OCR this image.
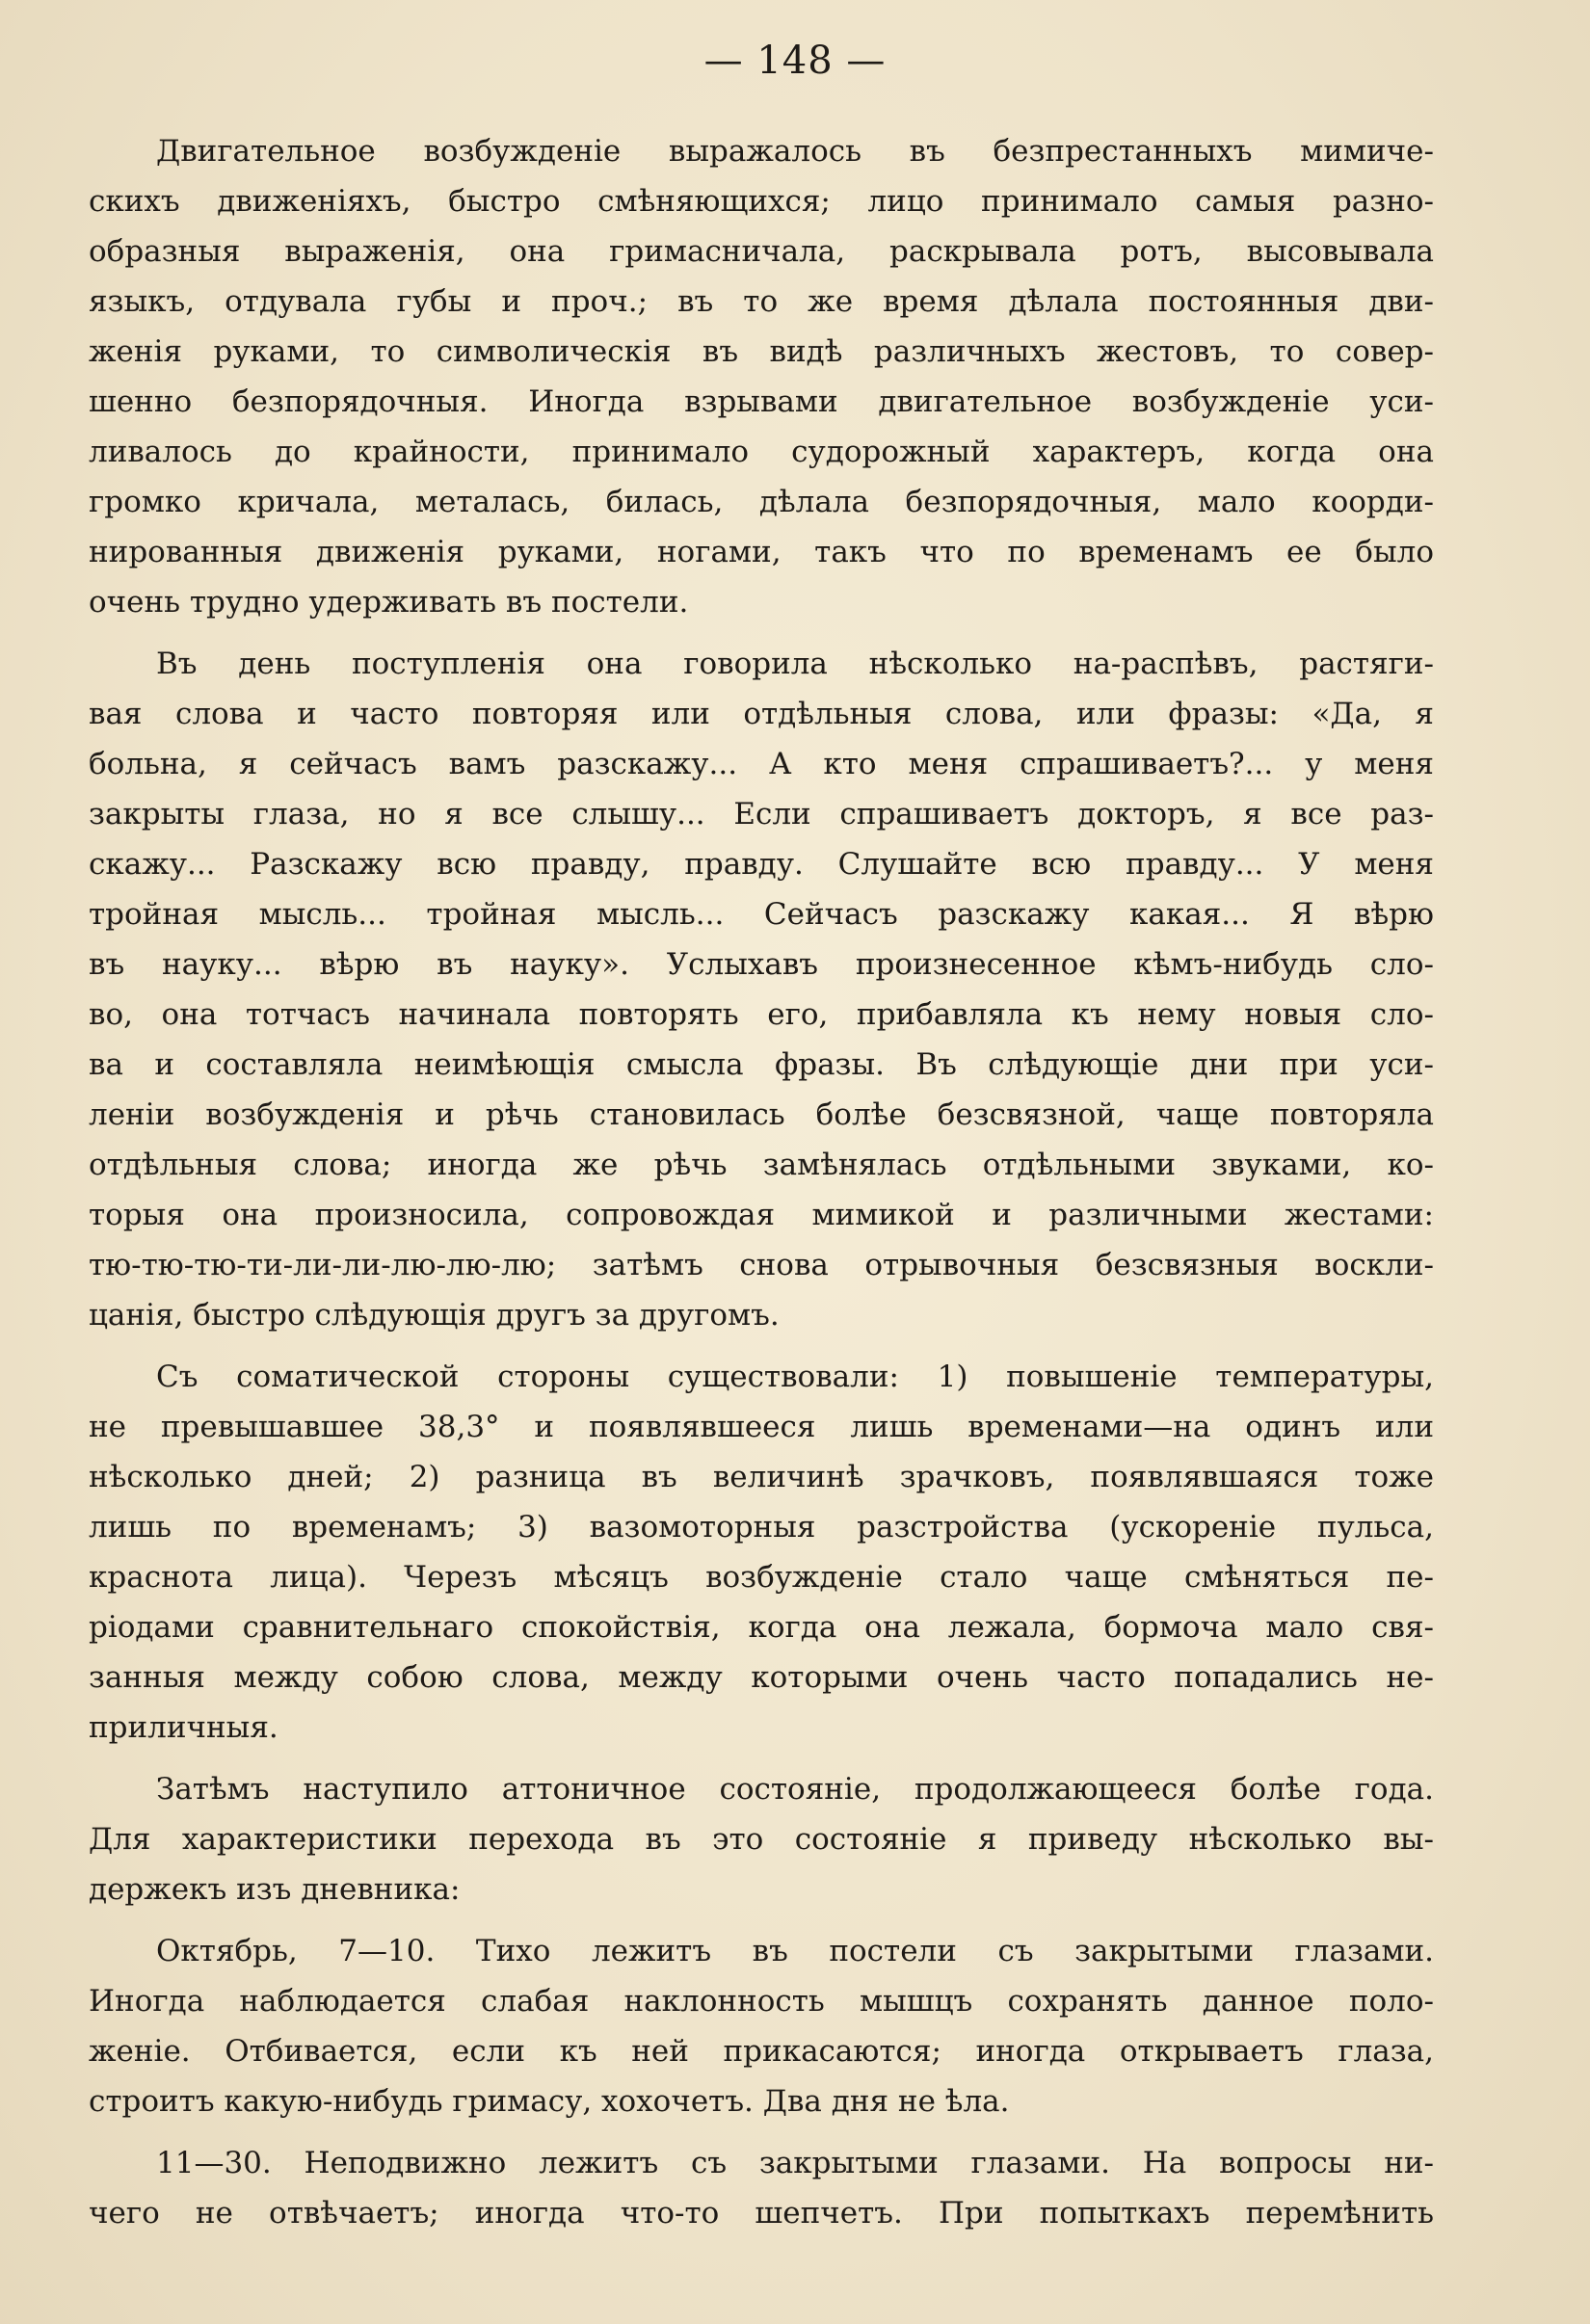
— 148 —
Двигательное возбужденіе выражалось въ безпрестанныхъ мимиче-
скихъ движеніяхъ, быстро смѣняющихся; лицо принимало самыя разно-
образныя выраженія, она гримасничала, раскрывала ротъ, высовывала
языкъ, отдувала губы и проч.; въ то же время дѣлала постоянныя дви-
женія руками, то символическія въ видѣ различныхъ жестовъ, то совер-
шенно безпорядочныя. Иногда взрывами двигательное возбужденіе уси-
ливалось до крайности, принимало судорожный характеръ, когда она
громко кричала, металась, билась, дѣлала безпорядочныя, мало коорди-
нированныя движенія руками, ногами, такъ что по временамъ ее было
очень трудно удерживать въ постели.
Въ день поступленія она говорила нѣсколько на-распѣвъ, растяги-
вая слова и часто повторяя или отдѣльныя слова, или фразы: «Да, я
больна, я сейчасъ вамъ разскажу... А кто меня спрашиваетъ?... у меня
закрыты глаза, но я все слышу... Если спрашиваетъ докторъ, я все раз-
скажу... Разскажу всю правду, правду. Слушайте всю правду... У меня
тройная мысль... тройная мысль... Сейчасъ разскажу какая... Я вѣрю
въ науку... вѣрю въ науку». Услыхавъ произнесенное кѣмъ-нибудь сло-
во, она тотчасъ начинала повторять его, прибавляла къ нему новыя сло-
ва и составляла неимѣющія смысла фразы. Въ слѣдующіе дни при уси-
леніи возбужденія и рѣчь становилась болѣе безсвязной, чаще повторяла
отдѣльныя слова; иногда же рѣчь замѣнялась отдѣльными звуками, ко-
торыя она произносила, сопровождая мимикой и различными жестами:
тю-тю-тю-ти-ли-ли-лю-лю-лю; затѣмъ снова отрывочныя безсвязныя воскли-
цанія, быстро слѣдующія другъ за другомъ.
Съ соматической стороны существовали: 1) повышеніе температуры,
не превышавшее 38,3° и появлявшееся лишь временами—на одинъ или
нѣсколько дней; 2) разница въ величинѣ зрачковъ, появлявшаяся тоже
лишь по временамъ; 3) вазомоторныя разстройства (ускореніе пульса,
краснота лица). Черезъ мѣсяцъ возбужденіе стало чаще смѣняться пе-
ріодами сравнительнаго спокойствія, когда она лежала, бормоча мало свя-
занныя между собою слова, между которыми очень часто попадались не-
приличныя.
Затѣмъ наступило аттоничное состояніе, продолжающееся болѣе года.
Для характеристики перехода въ это состояніе я приведу нѣсколько вы-
держекъ изъ дневника:
Октябрь, 7—10. Тихо лежитъ въ постели съ закрытыми глазами.
Иногда наблюдается слабая наклонность мышцъ сохранять данное поло-
женіе. Отбивается, если къ ней прикасаются; иногда открываетъ глаза,
строитъ какую-нибудь гримасу, хохочетъ. Два дня не ѣла.
11—30. Неподвижно лежитъ съ закрытыми глазами. На вопросы ни-
чего не отвѣчаетъ; иногда что-то шепчетъ. При попыткахъ перемѣнить
